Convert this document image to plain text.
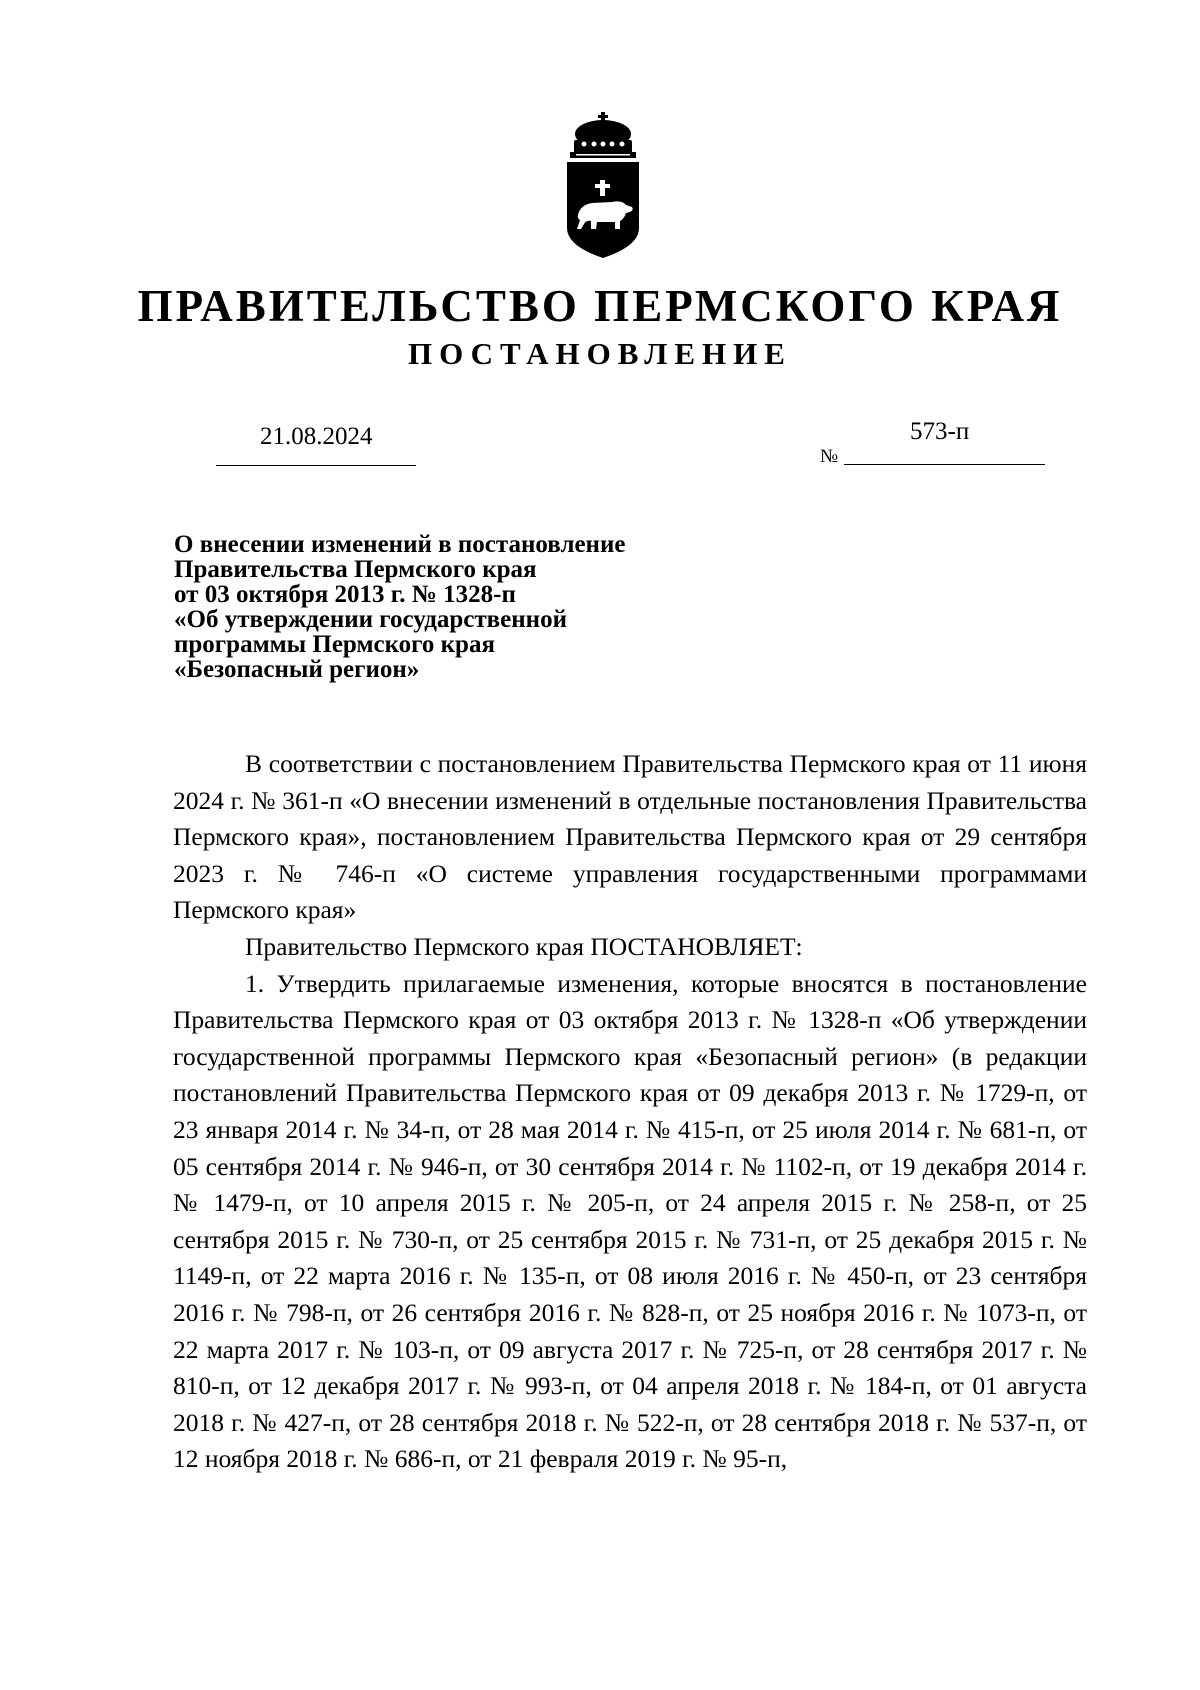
ПРАВИТЕЛЬСТВО ПЕРМСКОГО КРАЯ
ПОСТАНОВЛЕНИЕ
21.08.2024
№
573-п
О внесении изменений в постановление
Правительства Пермского края
от 03 октября 2013 г. № 1328-п
«Об утверждении государственной
программы Пермского края
«Безопасный регион»

В соответствии с постановлением Правительства Пермского края от 11 июня 2024 г. № 361-п «О внесении изменений в отдельные постановления Правительства Пермского края», постановлением Правительства Пермского края от 29 сентября 2023 г. № 746-п «О системе управления государственными программами Пермского края»

Правительство Пермского края ПОСТАНОВЛЯЕТ:

1. Утвердить прилагаемые изменения, которые вносятся в постановление Правительства Пермского края от 03 октября 2013 г. № 1328-п «Об утверждении государственной программы Пермского края «Безопасный регион» (в редакции постановлений Правительства Пермского края от 09 декабря 2013 г. № 1729-п, от 23 января 2014 г. № 34-п, от 28 мая 2014 г. № 415-п, от 25 июля 2014 г. № 681-п, от 05 сентября 2014 г. № 946-п, от 30 сентября 2014 г. № 1102-п, от 19 декабря 2014 г. № 1479-п, от 10 апреля 2015 г. № 205-п, от 24 апреля 2015 г. № 258-п, от 25 сентября 2015 г. № 730-п, от 25 сентября 2015 г. № 731-п, от 25 декабря 2015 г. № 1149-п, от 22 марта 2016 г. № 135-п, от 08 июля 2016 г. № 450-п, от 23 сентября 2016 г. № 798-п, от 26 сентября 2016 г. № 828-п, от 25 ноября 2016 г. № 1073-п, от 22 марта 2017 г. № 103-п, от 09 августа 2017 г. № 725-п, от 28 сентября 2017 г. № 810-п, от 12 декабря 2017 г. № 993-п, от 04 апреля 2018 г. № 184-п, от 01 августа 2018 г. № 427-п, от 28 сентября 2018 г. № 522-п, от 28 сентября 2018 г. № 537-п, от 12 ноября 2018 г. № 686-п, от 21 февраля 2019 г. № 95-п,
